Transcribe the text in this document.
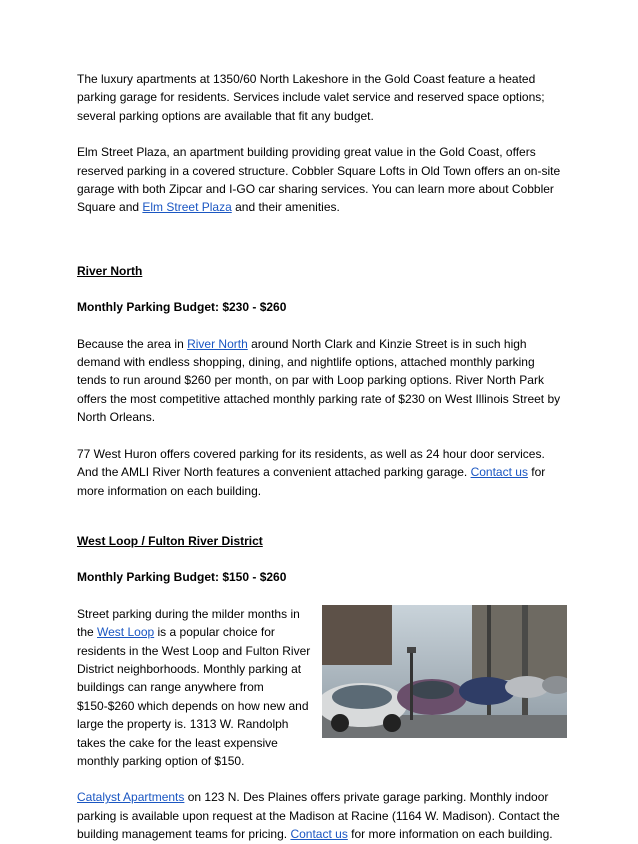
The luxury apartments at 1350/60 North Lakeshore in the Gold Coast feature a heated parking garage for residents. Services include valet service and reserved space options; several parking options are available that fit any budget.

Elm Street Plaza, an apartment building providing great value in the Gold Coast, offers reserved parking in a covered structure. Cobbler Square Lofts in Old Town offers an on-site garage with both Zipcar and I-GO car sharing services. You can learn more about Cobbler Square and Elm Street Plaza and their amenities.

River North

Monthly Parking Budget: $230 - $260

Because the area in River North around North Clark and Kinzie Street is in such high demand with endless shopping, dining, and nightlife options, attached monthly parking tends to run around $260 per month, on par with Loop parking options. River North Park offers the most competitive attached monthly parking rate of $230 on West Illinois Street by North Orleans.

77 West Huron offers covered parking for its residents, as well as 24 hour door services. And the AMLI River North features a convenient attached parking garage. Contact us for more information on each building.

West Loop / Fulton River District

Monthly Parking Budget: $150 - $260

Street parking during the milder months in the West Loop is a popular choice for residents in the West Loop and Fulton River District neighborhoods. Monthly parking at buildings can range anywhere from $150-$260 which depends on how new and large the property is. 1313 W. Randolph takes the cake for the least expensive monthly parking option of $150.

Catalyst Apartments on 123 N. Des Plaines offers private garage parking. Monthly indoor parking is available upon request at the Madison at Racine (1164 W. Madison). Contact the building management teams for pricing. Contact us for more information on each building.
